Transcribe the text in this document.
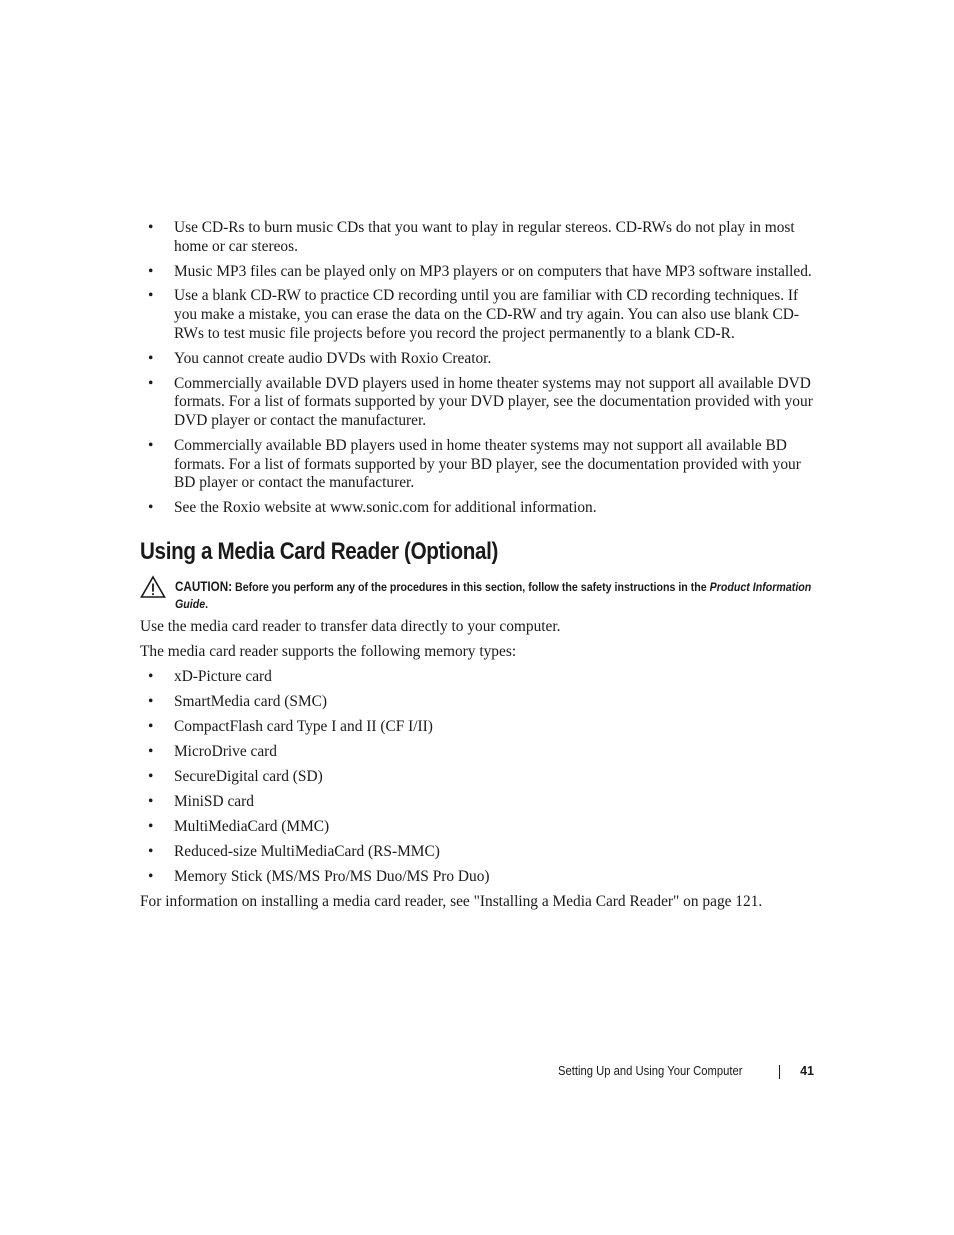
• Use CD-Rs to burn music CDs that you want to play in regular stereos. CD-RWs do not play in most home or car stereos.
• Music MP3 files can be played only on MP3 players or on computers that have MP3 software installed.
• Use a blank CD-RW to practice CD recording until you are familiar with CD recording techniques. If you make a mistake, you can erase the data on the CD-RW and try again. You can also use blank CD-RWs to test music file projects before you record the project permanently to a blank CD-R.
• You cannot create audio DVDs with Roxio Creator.
• Commercially available DVD players used in home theater systems may not support all available DVD formats. For a list of formats supported by your DVD player, see the documentation provided with your DVD player or contact the manufacturer.
• Commercially available BD players used in home theater systems may not support all available BD formats. For a list of formats supported by your BD player, see the documentation provided with your BD player or contact the manufacturer.
• See the Roxio website at www.sonic.com for additional information.
Using a Media Card Reader (Optional)
CAUTION: Before you perform any of the procedures in this section, follow the safety instructions in the Product Information Guide.

Use the media card reader to transfer data directly to your computer.

The media card reader supports the following memory types:

• xD-Picture card
• SmartMedia card (SMC)
• CompactFlash card Type I and II (CF I/II)
• MicroDrive card
• SecureDigital card (SD)
• MiniSD card
• MultiMediaCard (MMC)
• Reduced-size MultiMediaCard (RS-MMC)
• Memory Stick (MS/MS Pro/MS Duo/MS Pro Duo)

For information on installing a media card reader, see "Installing a Media Card Reader" on page 121.

Setting Up and Using Your Computer	41
